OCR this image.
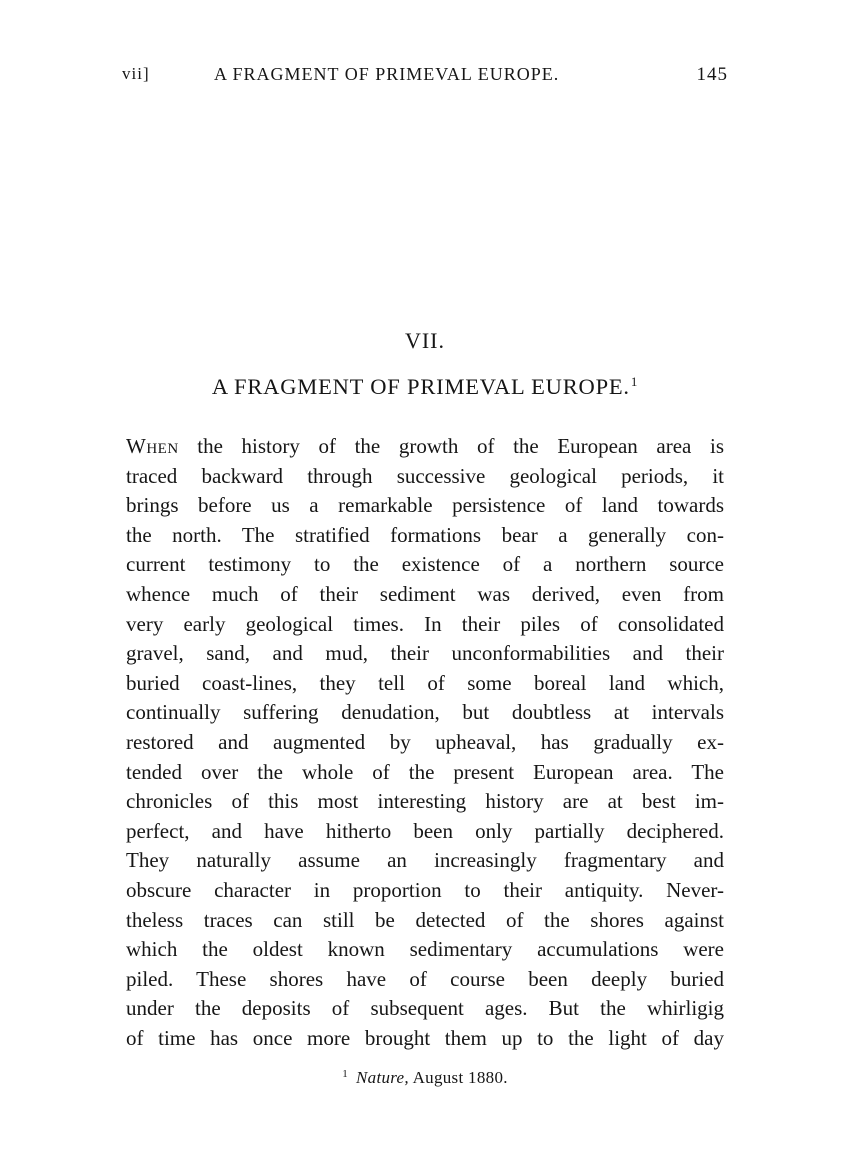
vii]	A FRAGMENT OF PRIMEVAL EUROPE.	145
VII.
A FRAGMENT OF PRIMEVAL EUROPE.$^1$
When the history of the growth of the European area is
traced backward through successive geological periods, it
brings before us a remarkable persistence of land towards
the north. The stratified formations bear a generally con-
current testimony to the existence of a northern source
whence much of their sediment was derived, even from
very early geological times. In their piles of consolidated
gravel, sand, and mud, their unconformabilities and their
buried coast-lines, they tell of some boreal land which,
continually suffering denudation, but doubtless at intervals
restored and augmented by upheaval, has gradually ex-
tended over the whole of the present European area. The
chronicles of this most interesting history are at best im-
perfect, and have hitherto been only partially deciphered.
They naturally assume an increasingly fragmentary and
obscure character in proportion to their antiquity. Never-
theless traces can still be detected of the shores against
which the oldest known sedimentary accumulations were
piled. These shores have of course been deeply buried
under the deposits of subsequent ages. But the whirligig
of time has once more brought them up to the light of day
$^1$ Nature, August 1880.
